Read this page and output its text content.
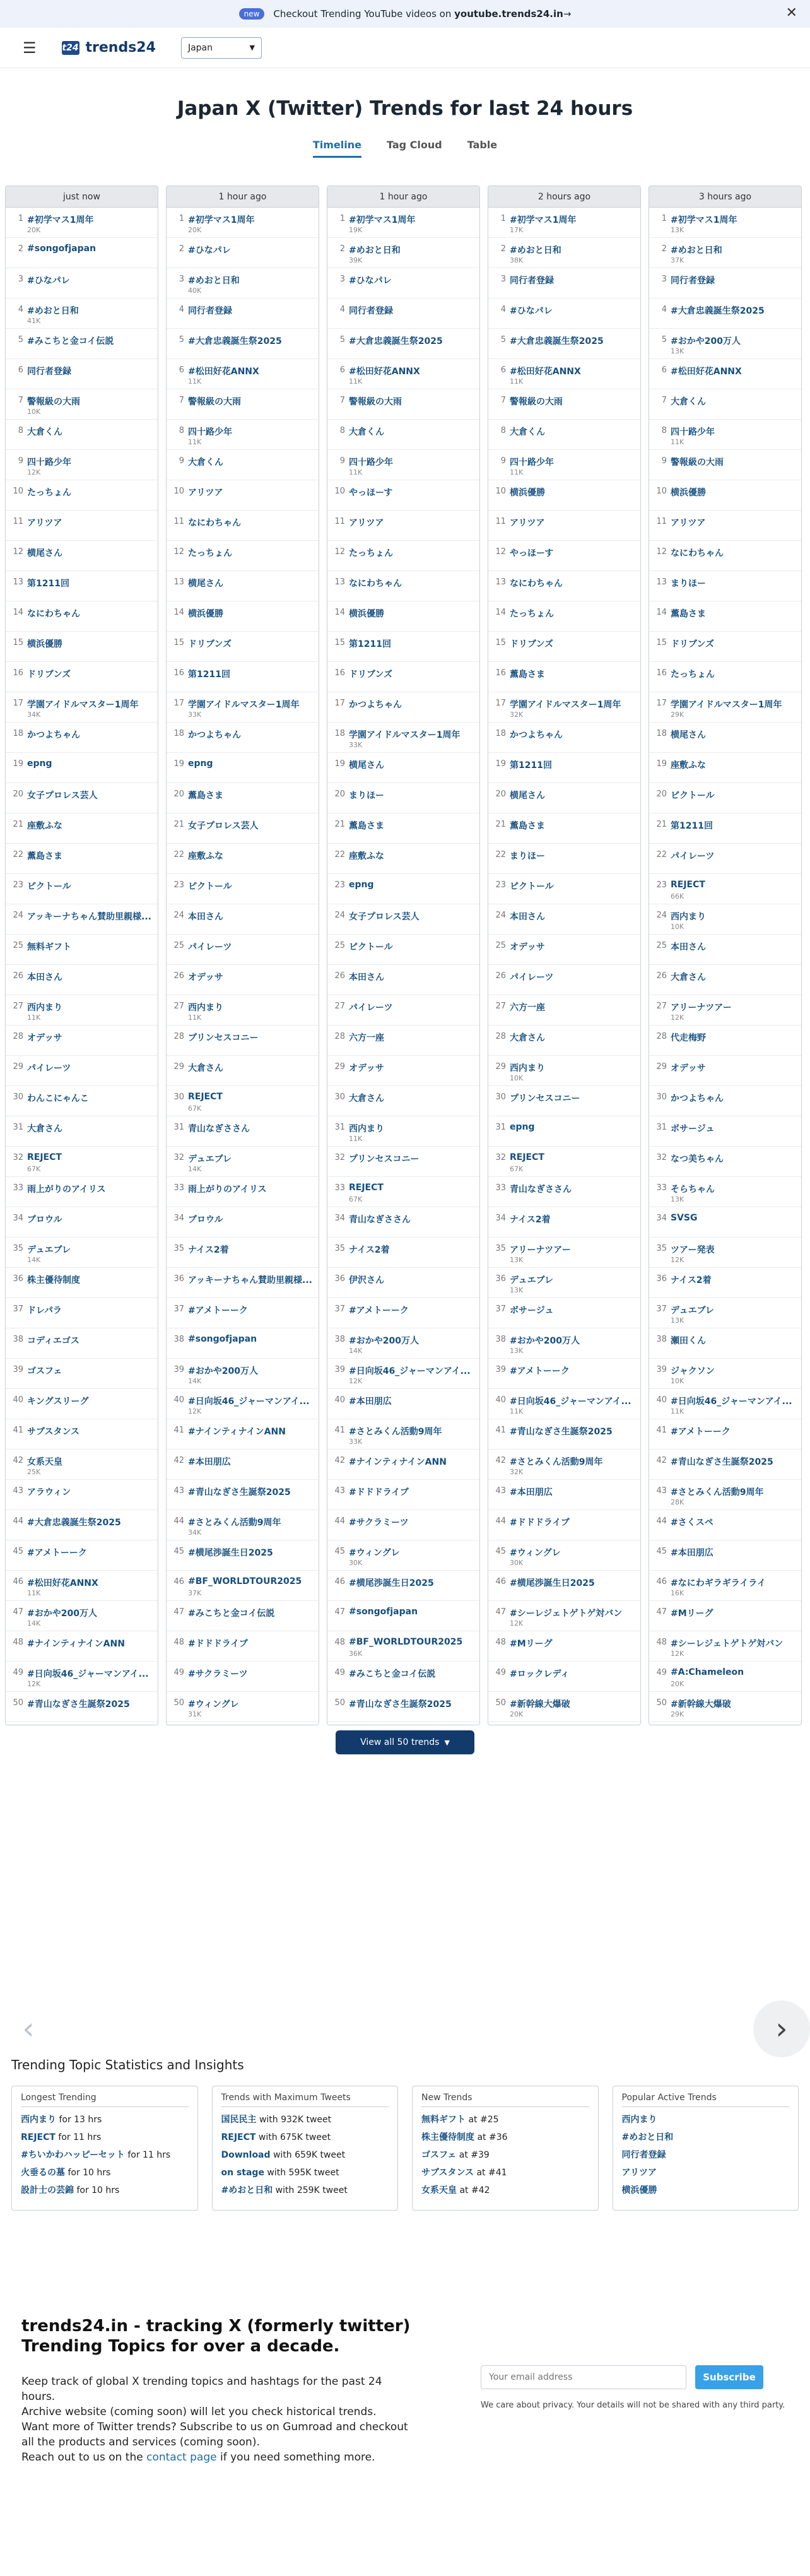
new	Checkout Trending YouTube videos on youtube.trends24.in→	✕
☰	t24 trends24	Japan	▼
Japan X (Twitter) Trends for last 24 hours
Timeline	Tag Cloud	Table
just now
1 #初学マス1周年
20K
2 #songofjapan
3 #ひなパレ
4 #めおと日和
41K
5 #みこちと金コイ伝説
6 同行者登録
7 警報級の大雨
10K
8 大倉くん
9 四十路少年
12K
10 たっちょん
11 アリツア
12 横尾さん
13 第1211回
14 なにわちゃん
15 横浜優勝
16 ドリブンズ
17 学園アイドルマスター1周年
34K
18 かつよちゃん
19 epng
20 女子プロレス芸人
21 座敷ふな
22 薫島さま
23 ピクトール
24 アッキーナちゃん賛助里親様...
25 無料ギフト
26 本田さん
27 西内まり
11K
28 オデッサ
29 パイレーツ
30 わんこにゃんこ
31 大倉さん
32 REJECT
67K
33 雨上がりのアイリス
34 ブロウル
35 デュエブレ
14K
36 株主優待制度
37 ドレパラ
38 コディエゴス
39 ゴスフェ
40 キングスリーグ
41 サブスタンス
42 女系天皇
25K
43 アラウィン
44 #大倉忠義誕生祭2025
45 #アメトーーク
46 #松田好花ANNX
11K
47 #おかや200万人
14K
48 #ナインティナインANN
49 #日向坂46_ジャーマンアイ...
12K
50 #青山なぎさ生誕祭2025
1 hour ago
1 #初学マス1周年
20K
2 #ひなパレ
3 #めおと日和
40K
4 同行者登録
5 #大倉忠義誕生祭2025
6 #松田好花ANNX
11K
7 警報級の大雨
8 四十路少年
11K
9 大倉くん
10 アリツア
11 なにわちゃん
12 たっちょん
13 横尾さん
14 横浜優勝
15 ドリブンズ
16 第1211回
17 学園アイドルマスター1周年
33K
18 かつよちゃん
19 epng
20 薫島さま
21 女子プロレス芸人
22 座敷ふな
23 ピクトール
24 本田さん
25 パイレーツ
26 オデッサ
27 西内まり
11K
28 プリンセスコニー
29 大倉さん
30 REJECT
67K
31 青山なぎささん
32 デュエブレ
14K
33 雨上がりのアイリス
34 ブロウル
35 ナイス2着
36 アッキーナちゃん賛助里親様...
37 #アメトーーク
38 #songofjapan
39 #おかや200万人
14K
40 #日向坂46_ジャーマンアイ...
12K
41 #ナインティナインANN
42 #本田朋広
43 #青山なぎさ生誕祭2025
44 #さとみくん活動9周年
34K
45 #横尾渉誕生日2025
46 #BF_WORLDTOUR2025
37K
47 #みこちと金コイ伝説
48 #ドドドライブ
49 #サクラミーツ
50 #ウィングレ
31K
1 hour ago
1 #初学マス1周年
19K
2 #めおと日和
39K
3 #ひなパレ
4 同行者登録
5 #大倉忠義誕生祭2025
6 #松田好花ANNX
11K
7 警報級の大雨
8 大倉くん
9 四十路少年
11K
10 やっほーす
11 アリツア
12 たっちょん
13 なにわちゃん
14 横浜優勝
15 第1211回
16 ドリブンズ
17 かつよちゃん
18 学園アイドルマスター1周年
33K
19 横尾さん
20 まりほー
21 薫島さま
22 座敷ふな
23 epng
24 女子プロレス芸人
25 ピクトール
26 本田さん
27 パイレーツ
28 六方一座
29 オデッサ
30 大倉さん
31 西内まり
11K
32 プリンセスコニー
33 REJECT
67K
34 青山なぎささん
35 ナイス2着
36 伊沢さん
37 #アメトーーク
38 #おかや200万人
14K
39 #日向坂46_ジャーマンアイ...
12K
40 #本田朋広
41 #さとみくん活動9周年
33K
42 #ナインティナインANN
43 #ドドドライブ
44 #サクラミーツ
45 #ウィングレ
30K
46 #横尾渉誕生日2025
47 #songofjapan
48 #BF_WORLDTOUR2025
36K
49 #みこちと金コイ伝説
50 #青山なぎさ生誕祭2025
2 hours ago
1 #初学マス1周年
17K
2 #めおと日和
38K
3 同行者登録
4 #ひなパレ
5 #大倉忠義誕生祭2025
6 #松田好花ANNX
11K
7 警報級の大雨
8 大倉くん
9 四十路少年
11K
10 横浜優勝
11 アリツア
12 やっほーす
13 なにわちゃん
14 たっちょん
15 ドリブンズ
16 薫島さま
17 学園アイドルマスター1周年
32K
18 かつよちゃん
19 第1211回
20 横尾さん
21 薫島さま
22 まりほー
23 ピクトール
24 本田さん
25 オデッサ
26 パイレーツ
27 六方一座
28 大倉さん
29 西内まり
10K
30 プリンセスコニー
31 epng
32 REJECT
67K
33 青山なぎささん
34 ナイス2着
35 アリーナツアー
13K
36 デュエブレ
13K
37 ボサージュ
38 #おかや200万人
13K
39 #アメトーーク
40 #日向坂46_ジャーマンアイ...
11K
41 #青山なぎさ生誕祭2025
42 #さとみくん活動9周年
32K
43 #本田朋広
44 #ドドドライブ
45 #ウィングレ
30K
46 #横尾渉誕生日2025
47 #シーレジェトゲトゲ対バン
12K
48 #Mリーグ
49 #ロックレディ
50 #新幹線大爆破
20K
3 hours ago
1 #初学マス1周年
13K
2 #めおと日和
37K
3 同行者登録
4 #大倉忠義誕生祭2025
5 #おかや200万人
13K
6 #松田好花ANNX
7 大倉くん
8 四十路少年
11K
9 警報級の大雨
10 横浜優勝
11 アリツア
12 なにわちゃん
13 まりほー
14 薫島さま
15 ドリブンズ
16 たっちょん
17 学園アイドルマスター1周年
29K
18 横尾さん
19 座敷ふな
20 ピクトール
21 第1211回
22 パイレーツ
23 REJECT
66K
24 西内まり
10K
25 本田さん
26 大倉さん
27 アリーナツアー
12K
28 代走梅野
29 オデッサ
30 かつよちゃん
31 ボサージュ
32 なつ美ちゃん
33 そらちゃん
13K
34 SVSG
35 ツアー発表
12K
36 ナイス2着
37 デュエブレ
13K
38 瀬田くん
39 ジャクソン
10K
40 #日向坂46_ジャーマンアイ...
11K
41 #アメトーーク
42 #青山なぎさ生誕祭2025
43 #さとみくん活動9周年
28K
44 #さくスペ
45 #本田朋広
46 #なにわギラギライライ
16K
47 #Mリーグ
48 #シーレジェトゲトゲ対バン
12K
49 #A:Chameleon
20K
50 #新幹線大爆破
29K
View all 50 trends ▼
‹	›
Trending Topic Statistics and Insights
Longest Trending
西内まり for 13 hrs
REJECT for 11 hrs
#ちいかわハッピーセット for 11 hrs
火垂るの墓 for 10 hrs
設計士の芸錦 for 10 hrs
Trends with Maximum Tweets
国民民主 with 932K tweet
REJECT with 675K tweet
Download with 659K tweet
on stage with 595K tweet
#めおと日和 with 259K tweet
New Trends
無料ギフト at #25
株主優待制度 at #36
ゴスフェ at #39
サブスタンス at #41
女系天皇 at #42
Popular Active Trends
西内まり
#めおと日和
同行者登録
アリツア
横浜優勝
trends24.in - tracking X (formerly twitter) Trending Topics for over a decade.

Keep track of global X trending topics and hashtags for the past 24 hours.

Archive website (coming soon) will let you check historical trends.

Want more of Twitter trends? Subscribe to us on Gumroad and checkout all the products and services (coming soon).

Reach out to us on the contact page if you need something more.

Your email address
Subscribe
We care about privacy. Your details will not be shared with any third party.
